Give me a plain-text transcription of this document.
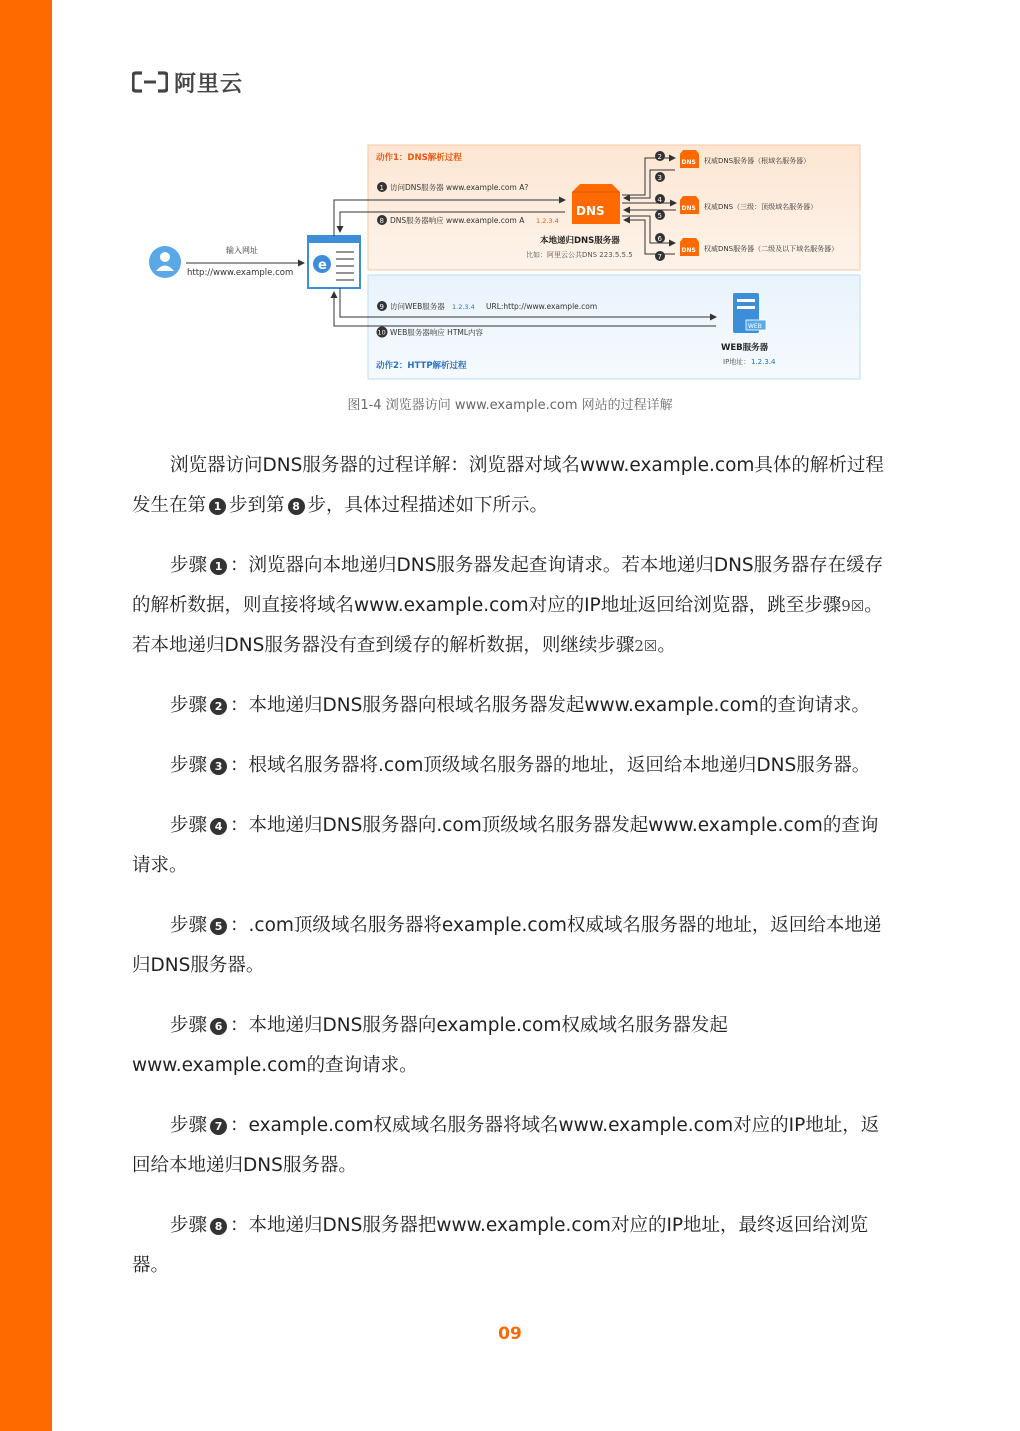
阿里云
动作1：DNS解析过程
动作2：HTTP解析过程
输入网址
http://www.example.com e
1 访问DNS服务器 www.example.com A?
8 DNS服务器响应 www.example.com A 1.2.3.4
DNS
本地递归DNS服务器
比如：阿里云公共DNS 223.5.5.5
2
3
4
5
6
7
DNS 权威DNS服务器（根域名服务器）
DNS 权威DNS（三级：顶级域名服务器）
DNS 权威DNS服务器（二级及以下域名服务器）
9 访问WEB服务器 1.2.3.4 URL:http://www.example.com
10 WEB服务器响应 HTML内容
WEB
WEB服务器
IP地址： 1.2.3.4
图1-4 浏览器访问 www.example.com 网站的过程详解

浏览器访问DNS服务器的过程详解：浏览器对域名www.example.com具体的解析过程发生在第 1 步到第 8 步，具体过程描述如下所示。

步骤 1 ：浏览器向本地递归DNS服务器发起查询请求。若本地递归DNS服务器存在缓存的解析数据，则直接将域名www.example.com对应的IP地址返回给浏览器，跳至步骤9☒。若本地递归DNS服务器没有查到缓存的解析数据，则继续步骤2☒。

步骤 2 ：本地递归DNS服务器向根域名服务器发起www.example.com的查询请求。

步骤 3 ：根域名服务器将.com顶级域名服务器的地址，返回给本地递归DNS服务器。

步骤 4 ：本地递归DNS服务器向.com顶级域名服务器发起www.example.com的查询请求。

步骤 5 ：.com顶级域名服务器将example.com权威域名服务器的地址，返回给本地递归DNS服务器。

步骤 6 ：本地递归DNS服务器向example.com权威域名服务器发起www.example.com的查询请求。

步骤 7 ：example.com权威域名服务器将域名www.example.com对应的IP地址，返回给本地递归DNS服务器。

步骤 8 ：本地递归DNS服务器把www.example.com对应的IP地址，最终返回给浏览器。

09
